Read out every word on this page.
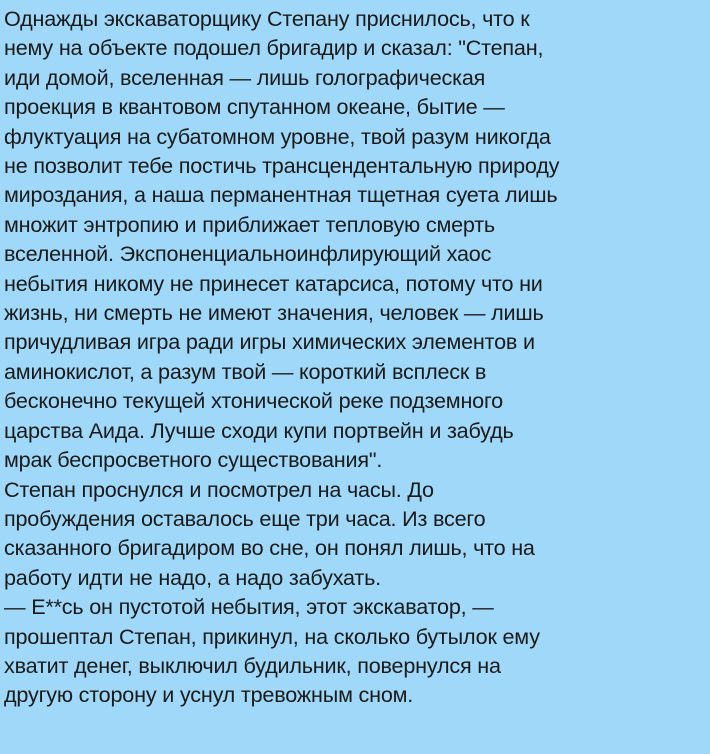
Однажды экскаваторщику Степану приснилось, что к
нему на объекте подошел бригадир и сказал: "Степан,
иди домой, вселенная — лишь голографическая
проекция в квантовом спутанном океане, бытие —
флуктуация на субатомном уровне, твой разум никогда
не позволит тебе постичь трансцендентальную природу
мироздания, а наша перманентная тщетная суета лишь
множит энтропию и приближает тепловую смерть
вселенной. Экспоненциальноинфлирующий хаос
небытия никому не принесет катарсиса, потому что ни
жизнь, ни смерть не имеют значения, человек — лишь
причудливая игра ради игры химических элементов и
аминокислот, а разум твой — короткий всплеск в
бесконечно текущей хтонической реке подземного
царства Аида. Лучше сходи купи портвейн и забудь
мрак беспросветного существования".
Степан проснулся и посмотрел на часы. До
пробуждения оставалось еще три часа. Из всего
сказанного бригадиром во сне, он понял лишь, что на
работу идти не надо, а надо забухать.
— Е**сь он пустотой небытия, этот экскаватор, —
прошептал Степан, прикинул, на сколько бутылок ему
хватит денег, выключил будильник, повернулся на
другую сторону и уснул тревожным сном.
